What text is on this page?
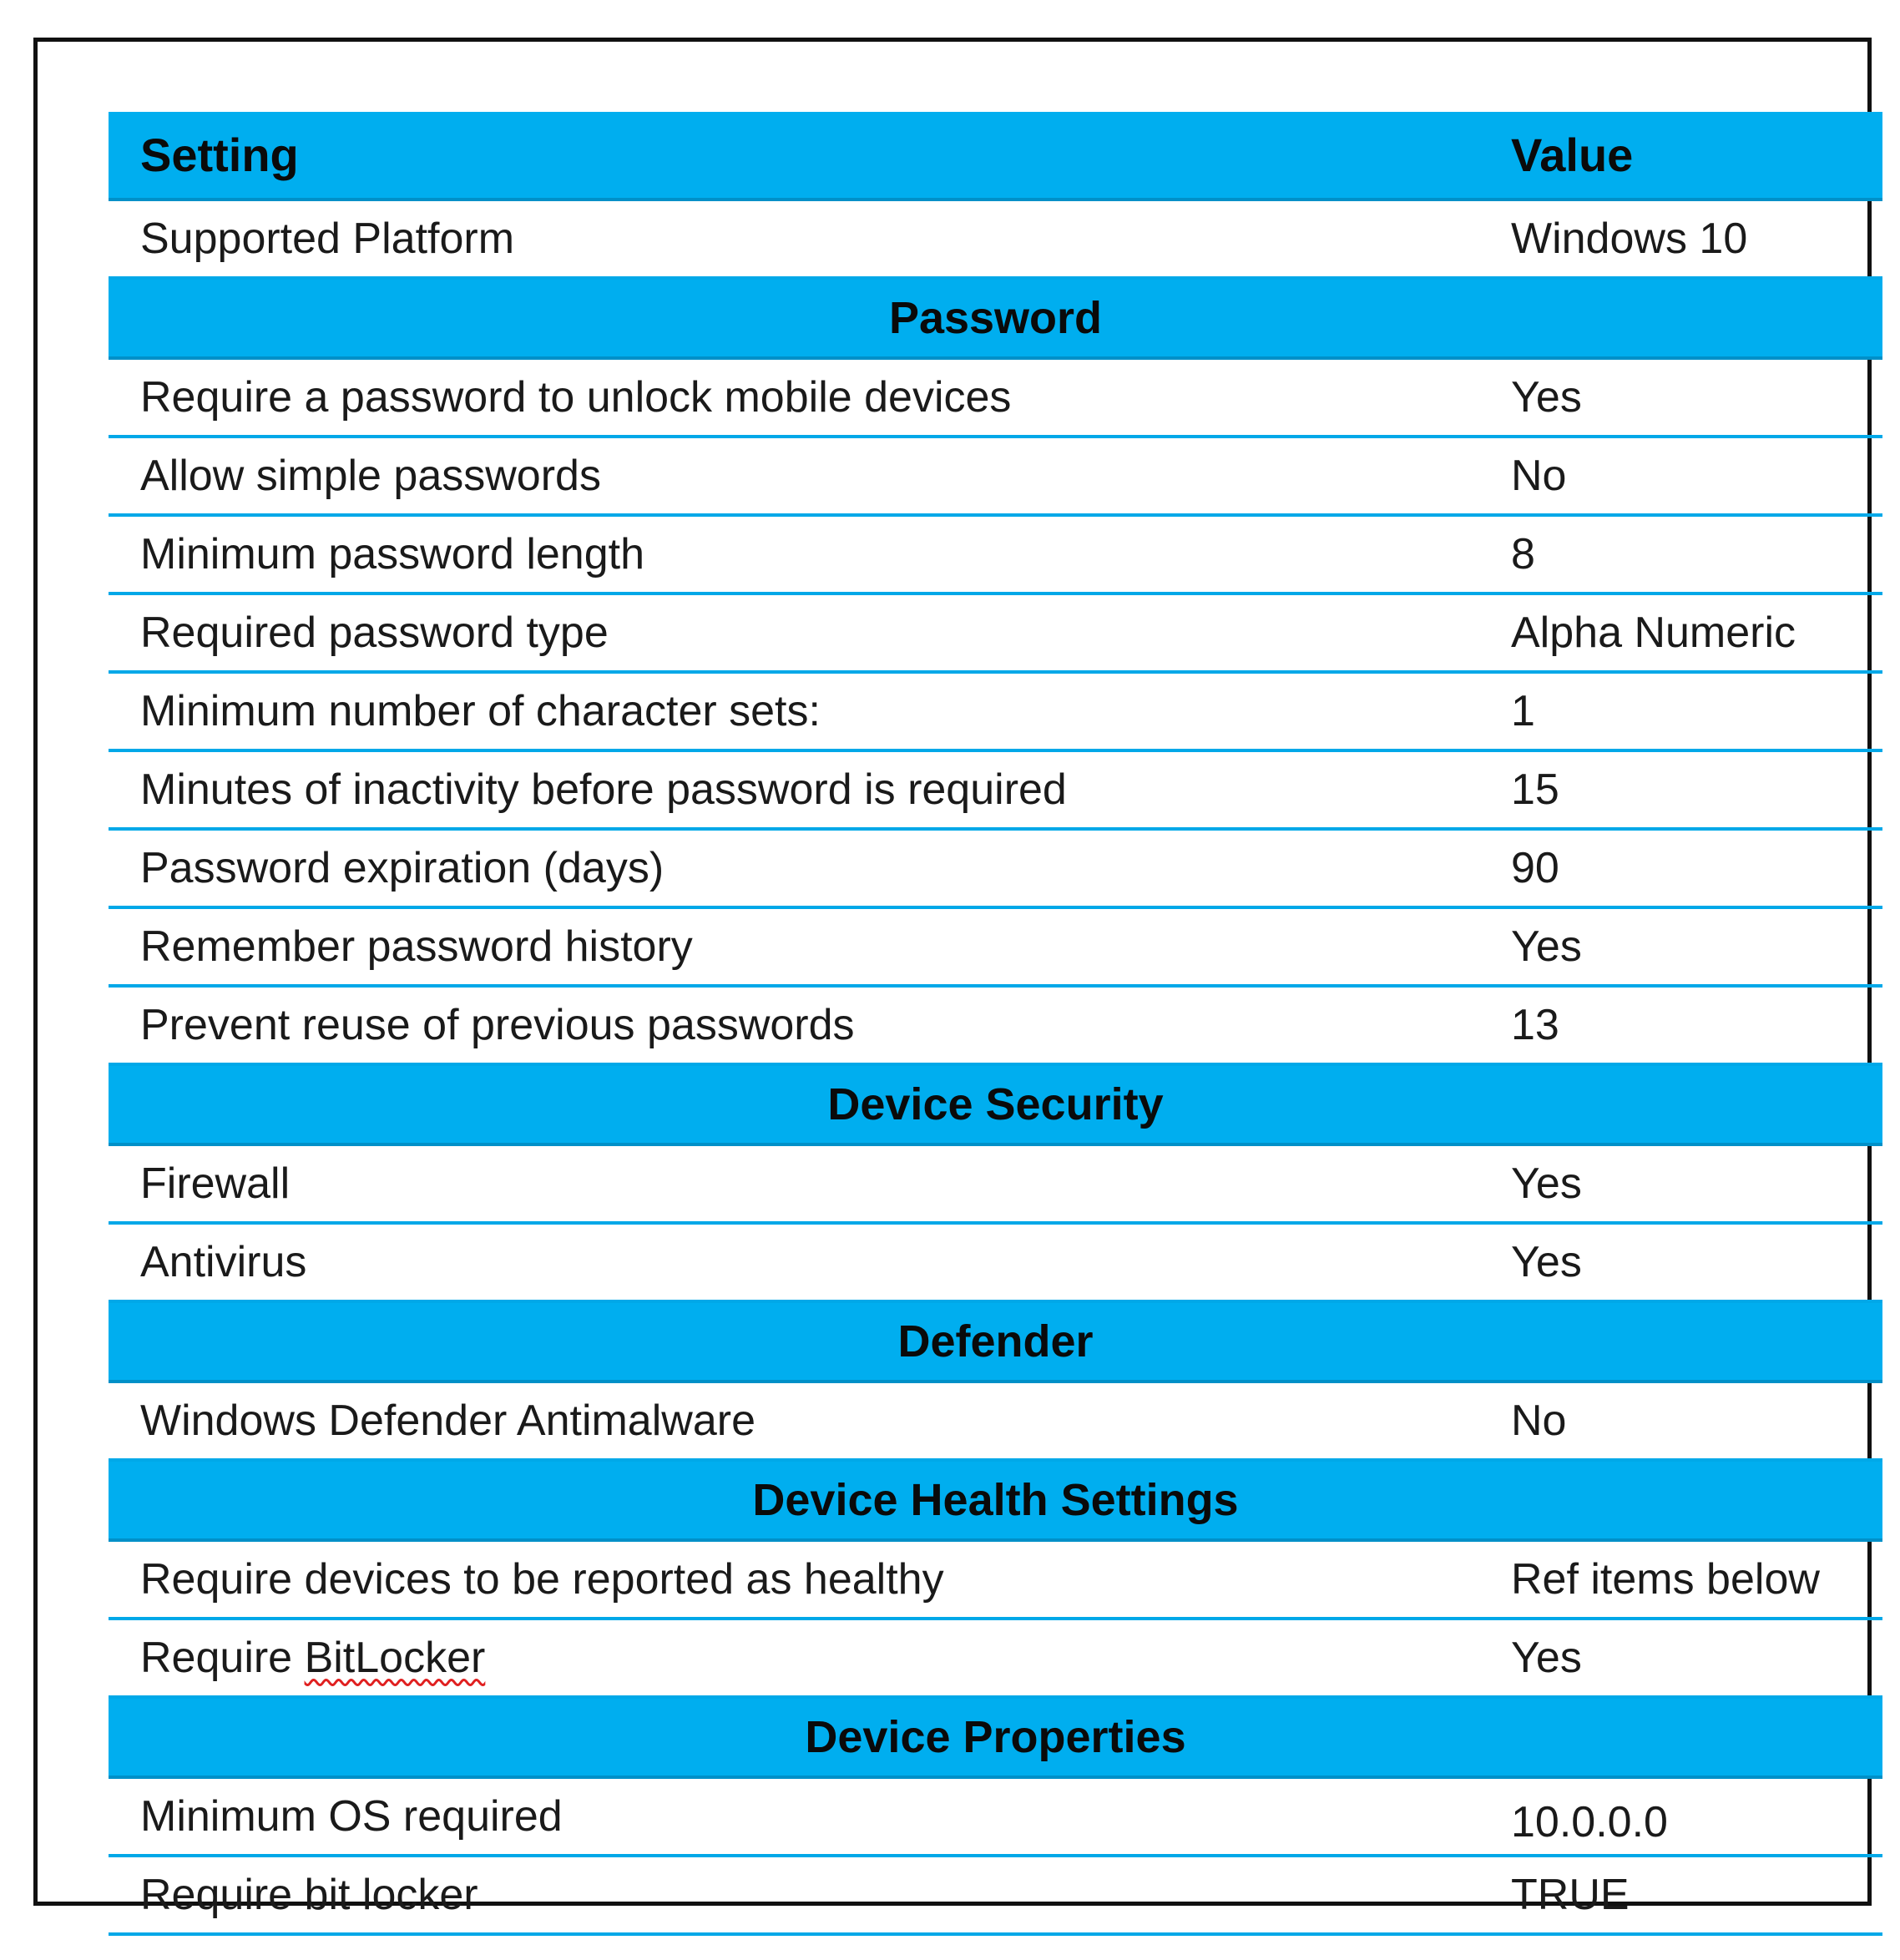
Setting	Value
Supported Platform	Windows 10
Password
Require a password to unlock mobile devices	Yes
Allow simple passwords	No
Minimum password length	8
Required password type	Alpha Numeric
Minimum number of character sets:	1
Minutes of inactivity before password is required	15
Password expiration (days)	90
Remember password history	Yes
Prevent reuse of previous passwords	13
Device Security
Firewall	Yes
Antivirus	Yes
Defender
Windows Defender Antimalware	No
Device Health Settings
Require devices to be reported as healthy	Ref items below
Require BitLocker	Yes
Device Properties
Minimum OS required	10.0.0.0
Require bit locker	TRUE
